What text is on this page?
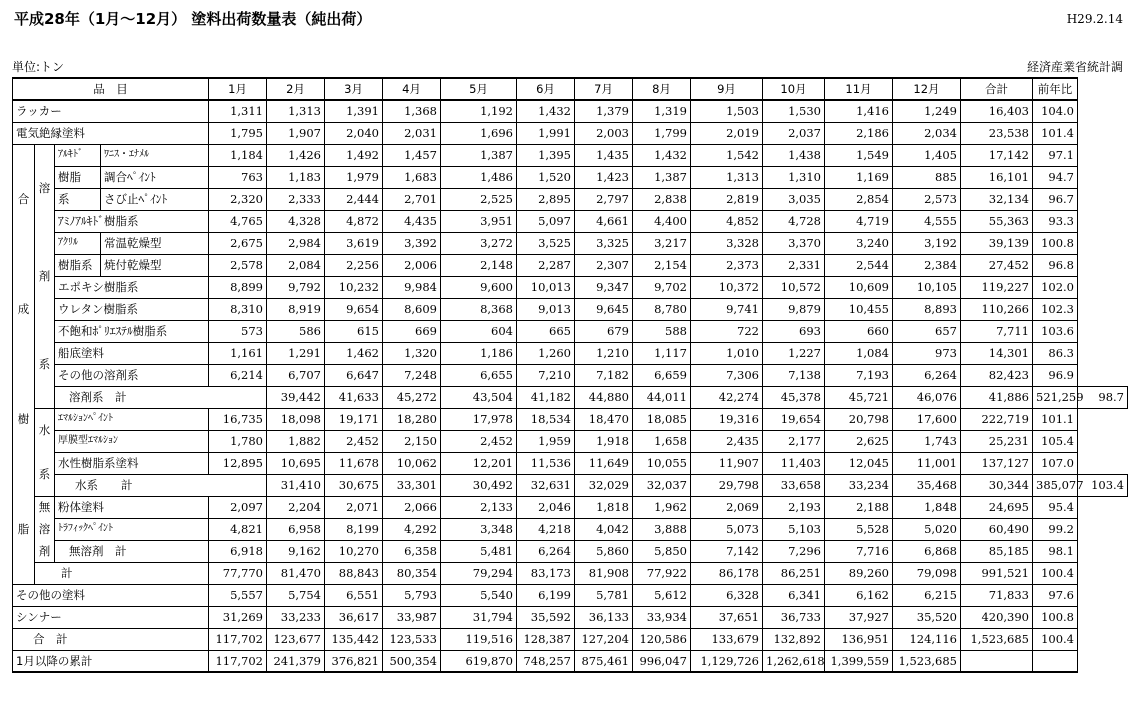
平成28年（1月～12月） 塗料出荷数量表（純出荷）	H29.2.14
単位:トン	経済産業省統計調
品　目				1月	2月	3月	4月	5月	6月	7月	8月	9月	10月	11月	12月	合計	前年比	
ラッカー				1,311	1,313	1,391	1,368	1,192	1,432	1,379	1,319	1,503	1,530	1,416	1,249	16,403	104.0	
電気絶縁塗料				1,795	1,907	2,040	2,031	1,696	1,991	2,003	1,799	2,019	2,037	2,186	2,034	23,538	101.4	

合
成
樹
脂	溶
剤
系	ｱﾙｷﾄﾞ	ﾜﾆｽ・ｴﾅﾒﾙ	1,184	1,426	1,492	1,457	1,387	1,395	1,435	1,432	1,542	1,438	1,549	1,405	17,142	97.1	
		樹脂	調合ﾍﾟｲﾝﾄ	763	1,183	1,979	1,683	1,486	1,520	1,423	1,387	1,313	1,310	1,169	885	16,101	94.7	
		系	さび止ﾍﾟｲﾝﾄ	2,320	2,333	2,444	2,701	2,525	2,895	2,797	2,838	2,819	3,035	2,854	2,573	32,134	96.7	
		ｱﾐﾉｱﾙｷﾄﾞ樹脂系		4,765	4,328	4,872	4,435	3,951	5,097	4,661	4,400	4,852	4,728	4,719	4,555	55,363	93.3	
		ｱｸﾘﾙ	常温乾燥型	2,675	2,984	3,619	3,392	3,272	3,525	3,325	3,217	3,328	3,370	3,240	3,192	39,139	100.8	
		樹脂系	焼付乾燥型	2,578	2,084	2,256	2,006	2,148	2,287	2,307	2,154	2,373	2,331	2,544	2,384	27,452	96.8	
		エポキシ樹脂系		8,899	9,792	10,232	9,984	9,600	10,013	9,347	9,702	10,372	10,572	10,609	10,105	119,227	102.0	
		ウレタン樹脂系		8,310	8,919	9,654	8,609	8,368	9,013	9,645	8,780	9,741	9,879	10,455	8,893	110,266	102.3	
		不飽和ﾎﾟﾘｴｽﾃﾙ樹脂系		573	586	615	669	604	665	679	588	722	693	660	657	7,711	103.6	
		船底塗料		1,161	1,291	1,462	1,320	1,186	1,260	1,210	1,117	1,010	1,227	1,084	973	14,301	86.3	
		その他の溶剤系		6,214	6,707	6,647	7,248	6,655	7,210	7,182	6,659	7,306	7,138	7,193	6,264	82,423	96.9	
		溶剤系　計			39,442	41,633	45,272	43,504	41,182	44,880	44,011	42,274	45,378	45,721	46,076	41,886	521,259	98.7

	水
系	ｴﾏﾙｼｮﾝﾍﾟｲﾝﾄ		16,735	18,098	19,171	18,280	17,978	18,534	18,470	18,085	19,316	19,654	20,798	17,600	222,719	101.1	
		厚膜型ｴﾏﾙｼｮﾝ		1,780	1,882	2,452	2,150	2,452	1,959	1,918	1,658	2,435	2,177	2,625	1,743	25,231	105.4	
		水性樹脂系塗料		12,895	10,695	11,678	10,062	12,201	11,536	11,649	10,055	11,907	11,403	12,045	11,001	137,127	107.0	
		水系　　計			31,410	30,675	33,301	30,492	32,631	32,029	32,037	29,798	33,658	33,234	35,468	30,344	385,077	103.4

	無
溶
剤	粉体塗料		2,097	2,204	2,071	2,066	2,133	2,046	1,818	1,962	2,069	2,193	2,188	1,848	24,695	95.4	
		ﾄﾗﾌｨｯｸﾍﾟｲﾝﾄ		4,821	6,958	8,199	4,292	3,348	4,218	4,042	3,888	5,073	5,103	5,528	5,020	60,490	99.2	
		無溶剤　計		6,918	9,162	10,270	6,358	5,481	6,264	5,860	5,850	7,142	7,296	7,716	6,868	85,185	98.1	
	計			77,770	81,470	88,843	80,354	79,294	83,173	81,908	77,922	86,178	86,251	89,260	79,098	991,521	100.4	
その他の塗料				5,557	5,754	6,551	5,793	5,540	6,199	5,781	5,612	6,328	6,341	6,162	6,215	71,833	97.6	
シンナー				31,269	33,233	36,617	33,987	31,794	35,592	36,133	33,934	37,651	36,733	37,927	35,520	420,390	100.8	
合　計				117,702	123,677	135,442	123,533	119,516	128,387	127,204	120,586	133,679	132,892	136,951	124,116	1,523,685	100.4	
1月以降の累計				117,702	241,379	376,821	500,354	619,870	748,257	875,461	996,047	1,129,726	1,262,618	1,399,559	1,523,685			
